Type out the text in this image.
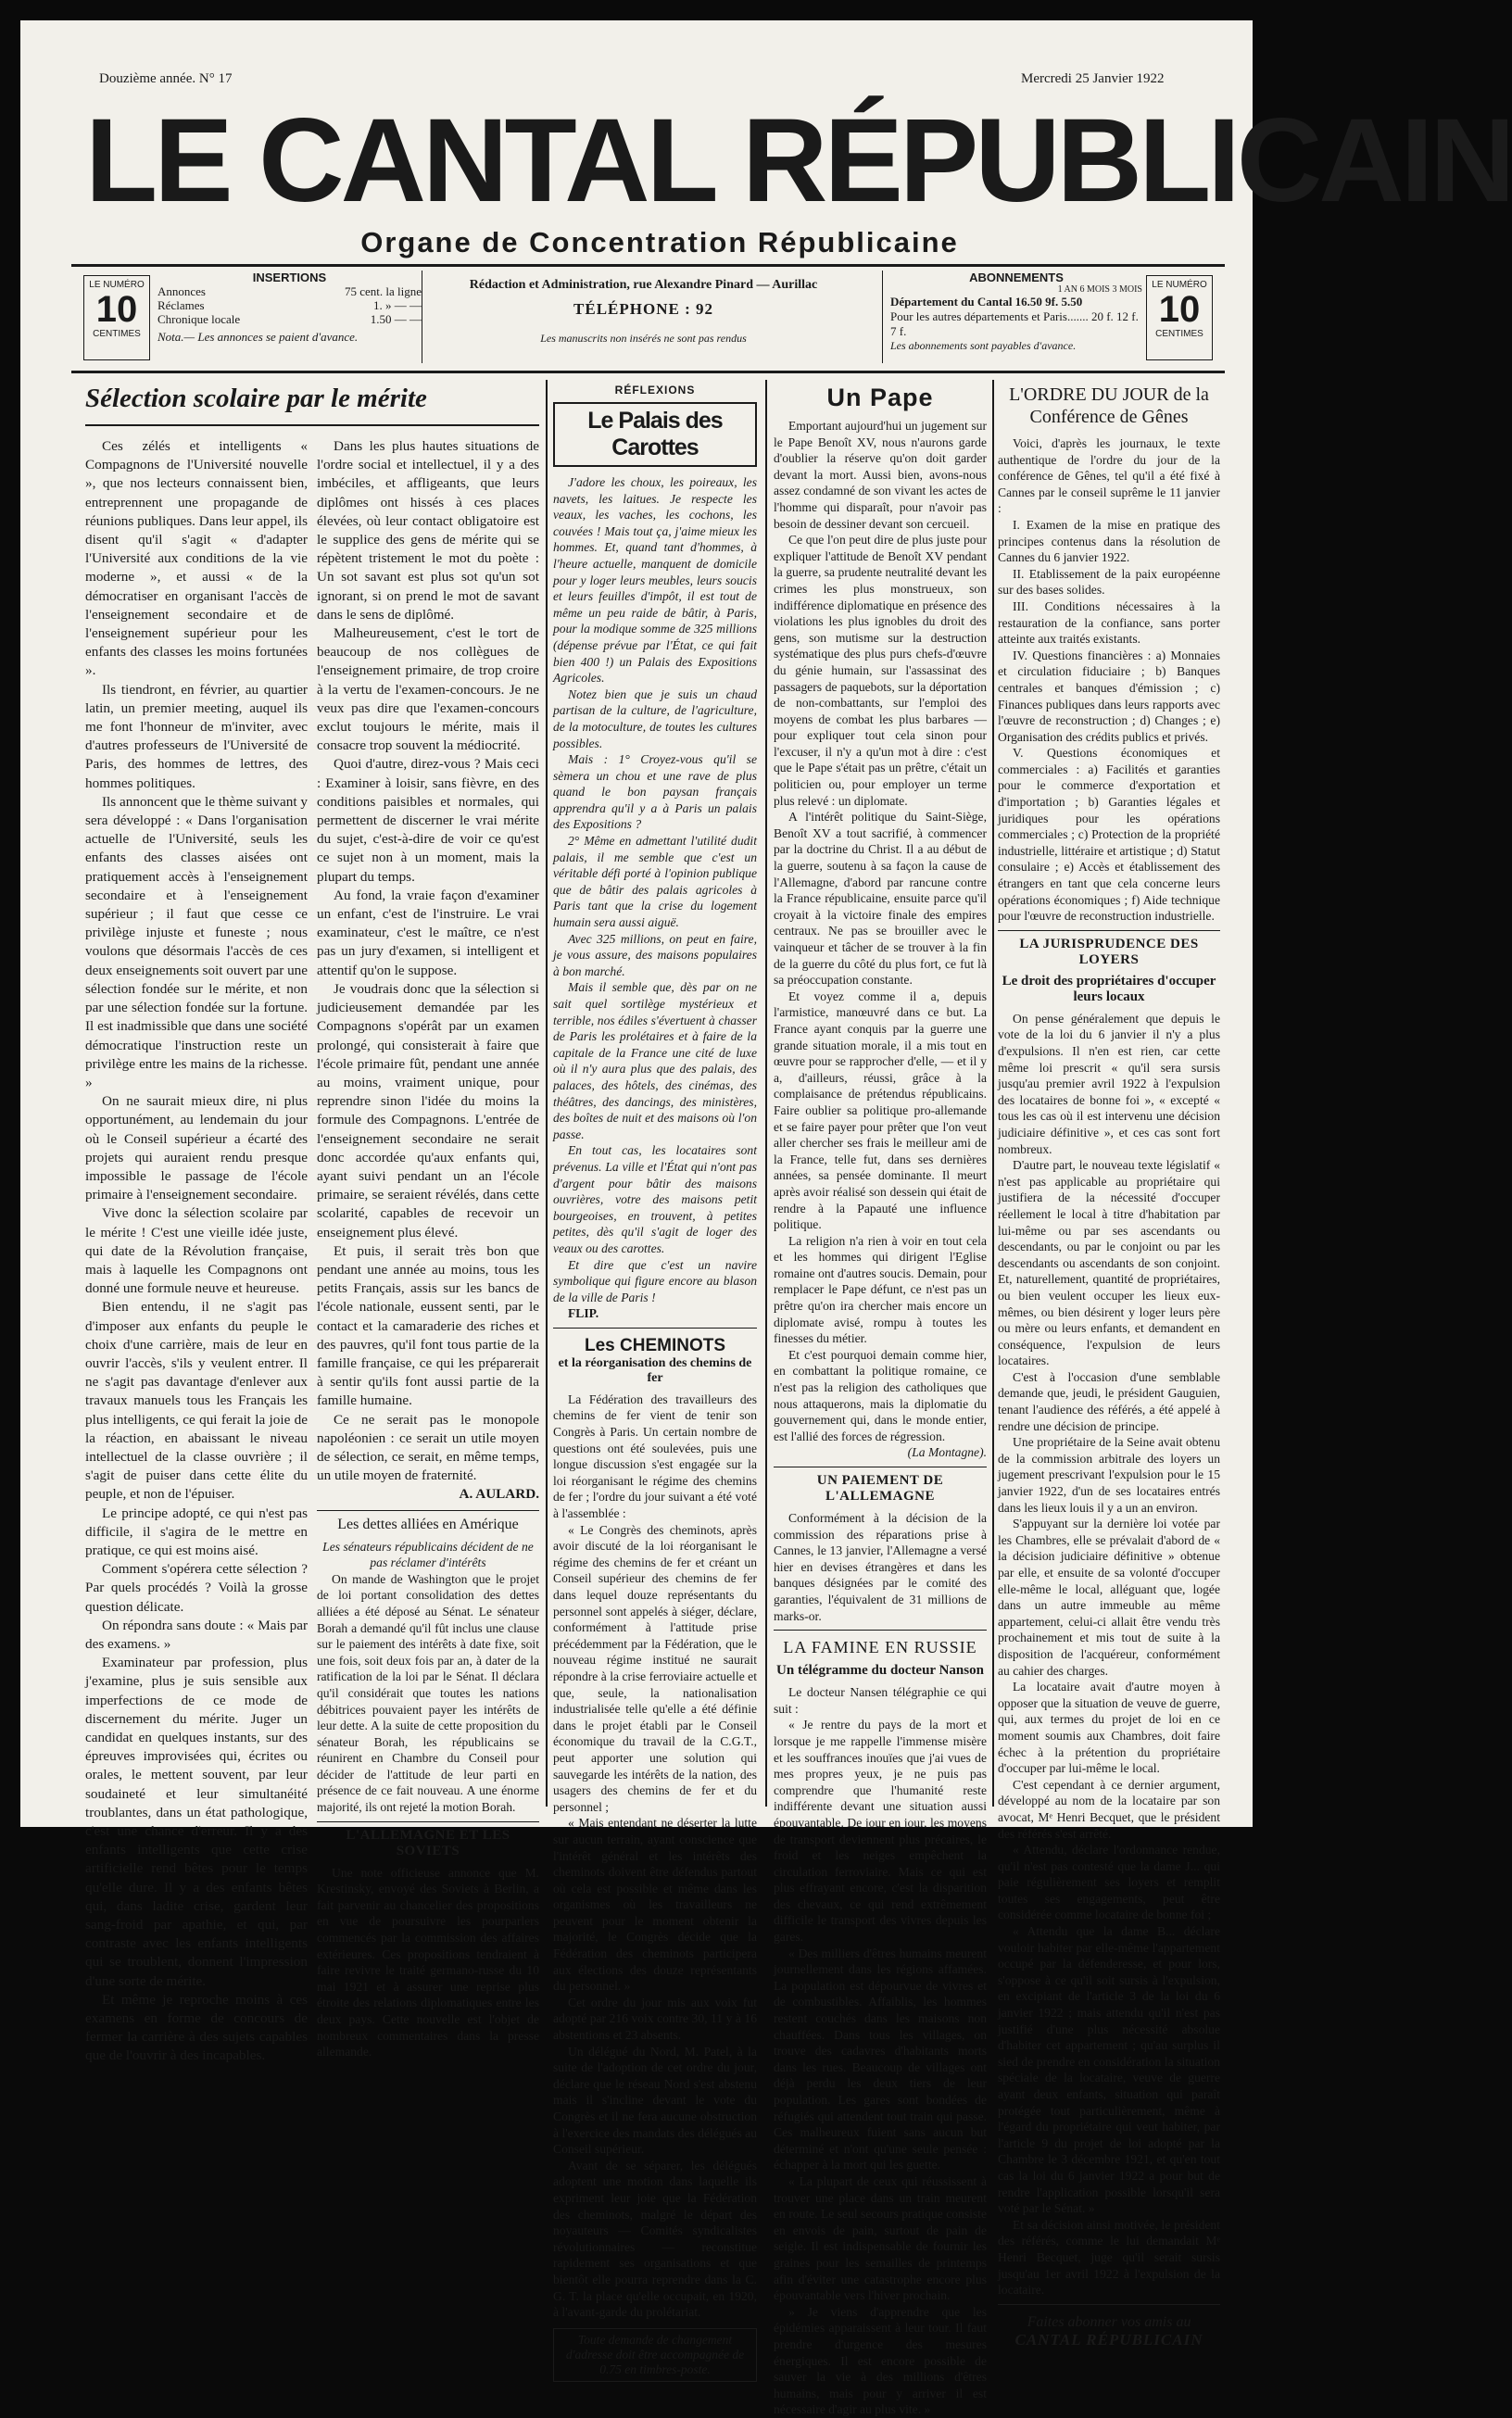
Douzième année. N° 17	Mercredi 25 Janvier 1922
LE CANTAL RÉPUBLICAIN
Organe de Concentration Républicaine
LE NUMÉRO
10
CENTIMES
LE NUMÉRO
10
CENTIMES
INSERTIONS
Annonces	75 cent. la ligne
Réclames	1. » — —
Chronique locale	1.50 — —
Nota.— Les annonces se paient d'avance.
Rédaction et Administration, rue Alexandre Pinard — Aurillac
TÉLÉPHONE : 92
Les manuscrits non insérés ne sont pas rendus
ABONNEMENTS
1 AN 6 MOIS 3 MOIS
Département du Cantal 16.50 9f. 5.50
Pour les autres départements et Paris....... 20 f. 12 f. 7 f.
Les abonnements sont payables d'avance.
Sélection scolaire par le mérite

Ces zélés et intelligents « Compagnons de l'Université nouvelle », que nos lecteurs connaissent bien, entreprennent une propagande de réunions publiques. Dans leur appel, ils disent qu'il s'agit « d'adapter l'Université aux conditions de la vie moderne », et aussi « de la démocratiser en organisant l'accès de l'enseignement secondaire et de l'enseignement supérieur pour les enfants des classes les moins fortunées ».

Ils tiendront, en février, au quartier latin, un premier meeting, auquel ils me font l'honneur de m'inviter, avec d'autres professeurs de l'Université de Paris, des hommes de lettres, des hommes politiques.

Ils annoncent que le thème suivant y sera développé : « Dans l'organisation actuelle de l'Université, seuls les enfants des classes aisées ont pratiquement accès à l'enseignement secondaire et à l'enseignement supérieur ; il faut que cesse ce privilège injuste et funeste ; nous voulons que désormais l'accès de ces deux enseignements soit ouvert par une sélection fondée sur le mérite, et non par une sélection fondée sur la fortune. Il est inadmissible que dans une société démocratique l'instruction reste un privilège entre les mains de la richesse. »

On ne saurait mieux dire, ni plus opportunément, au lendemain du jour où le Conseil supérieur a écarté des projets qui auraient rendu presque impossible le passage de l'école primaire à l'enseignement secondaire.

Vive donc la sélection scolaire par le mérite ! C'est une vieille idée juste, qui date de la Révolution française, mais à laquelle les Compagnons ont donné une formule neuve et heureuse.

Bien entendu, il ne s'agit pas d'imposer aux enfants du peuple le choix d'une carrière, mais de leur en ouvrir l'accès, s'ils y veulent entrer. Il ne s'agit pas davantage d'enlever aux travaux manuels tous les Français les plus intelligents, ce qui ferait la joie de la réaction, en abaissant le niveau intellectuel de la classe ouvrière ; il s'agit de puiser dans cette élite du peuple, et non de l'épuiser.

Le principe adopté, ce qui n'est pas difficile, il s'agira de le mettre en pratique, ce qui est moins aisé.

Comment s'opérera cette sélection ? Par quels procédés ? Voilà la grosse question délicate.

On répondra sans doute : « Mais par des examens. »

Examinateur par profession, plus j'examine, plus je suis sensible aux imperfections de ce mode de discernement du mérite. Juger un candidat en quelques instants, sur des épreuves improvisées qui, écrites ou orales, le mettent souvent, par leur soudaineté et leur simultanéité troublantes, dans un état pathologique, c'est une chance d'erreur. Il y a des enfants intelligents que cette crise artificielle rend bêtes pour le temps qu'elle dure. Il y a des enfants bêtes qui, dans ladite crise, gardent leur sang-froid par apathie, et qui, par contraste avec les enfants intelligents qui se troublent, donnent l'impression d'une sorte de mérite.

Et même je reproche moins à ces examens en forme de concours de fermer la carrière à des sujets capables que de l'ouvrir à des incapables.

Dans les plus hautes situations de l'ordre social et intellectuel, il y a des imbéciles, et affligeants, que leurs diplômes ont hissés à ces places élevées, où leur contact obligatoire est le supplice des gens de mérite qui se répètent tristement le mot du poète : Un sot savant est plus sot qu'un sot ignorant, si on prend le mot de savant dans le sens de diplômé.

Malheureusement, c'est le tort de beaucoup de nos collègues de l'enseignement primaire, de trop croire à la vertu de l'examen-concours. Je ne veux pas dire que l'examen-concours exclut toujours le mérite, mais il consacre trop souvent la médiocrité.

Quoi d'autre, direz-vous ? Mais ceci : Examiner à loisir, sans fièvre, en des conditions paisibles et normales, qui permettent de discerner le vrai mérite du sujet, c'est-à-dire de voir ce qu'est ce sujet non à un moment, mais la plupart du temps.

Au fond, la vraie façon d'examiner un enfant, c'est de l'instruire. Le vrai examinateur, c'est le maître, ce n'est pas un jury d'examen, si intelligent et attentif qu'on le suppose.

Je voudrais donc que la sélection si judicieusement demandée par les Compagnons s'opérât par un examen prolongé, qui consisterait à faire que l'école primaire fût, pendant une année au moins, vraiment unique, pour reprendre sinon l'idée du moins la formule des Compagnons. L'entrée de l'enseignement secondaire ne serait donc accordée qu'aux enfants qui, ayant suivi pendant un an l'école primaire, se seraient révélés, dans cette scolarité, capables de recevoir un enseignement plus élevé.

Et puis, il serait très bon que pendant une année au moins, tous les petits Français, assis sur les bancs de l'école nationale, eussent senti, par le contact et la camaraderie des riches et des pauvres, qu'il font tous partie de la famille française, ce qui les préparerait à sentir qu'ils font aussi partie de la famille humaine.

Ce ne serait pas le monopole napoléonien : ce serait un utile moyen de sélection, ce serait, en même temps, un utile moyen de fraternité.

A. AULARD.

Les dettes alliées en Amérique

Les sénateurs républicains décident de ne pas réclamer d'intérêts

On mande de Washington que le projet de loi portant consolidation des dettes alliées a été déposé au Sénat. Le sénateur Borah a demandé qu'il fût inclus une clause sur le paiement des intérêts à date fixe, soit une fois, soit deux fois par an, à dater de la ratification de la loi par le Sénat. Il déclara qu'il considérait que toutes les nations débitrices pouvaient payer les intérêts de leur dette. A la suite de cette proposition du sénateur Borah, les républicains se réunirent en Chambre du Conseil pour décider de l'attitude de leur parti en présence de ce fait nouveau. A une énorme majorité, ils ont rejeté la motion Borah.

L'ALLEMAGNE ET LES SOVIETS

Une note officieuse annonce que M. Krestinsky, envoyé des Soviets à Berlin, a fait parvenir au chancelier des propositions en vue de poursuivre les pourparlers commencés par la commission des affaires extérieures. Ces propositions tendraient à faire revivre le traité germano-russe du 10 mai 1921 et à assurer une reprise plus étroite des relations diplomatiques entre les deux pays. Cette nouvelle est l'objet de nombreux commentaires dans la presse allemande.

RÉFLEXIONS
Le Palais des Carottes

J'adore les choux, les poireaux, les navets, les laitues. Je respecte les veaux, les vaches, les cochons, les couvées ! Mais tout ça, j'aime mieux les hommes. Et, quand tant d'hommes, à l'heure actuelle, manquent de domicile pour y loger leurs meubles, leurs soucis et leurs feuilles d'impôt, il est tout de même un peu raide de bâtir, à Paris, pour la modique somme de 325 millions (dépense prévue par l'État, ce qui fait bien 400 !) un Palais des Expositions Agricoles.

Notez bien que je suis un chaud partisan de la culture, de l'agriculture, de la motoculture, de toutes les cultures possibles.

Mais : 1° Croyez-vous qu'il se sèmera un chou et une rave de plus quand le bon paysan français apprendra qu'il y a à Paris un palais des Expositions ?

2° Même en admettant l'utilité dudit palais, il me semble que c'est un véritable défi porté à l'opinion publique que de bâtir des palais agricoles à Paris tant que la crise du logement humain sera aussi aiguë.

Avec 325 millions, on peut en faire, je vous assure, des maisons populaires à bon marché.

Mais il semble que, dès par on ne sait quel sortilège mystérieux et terrible, nos édiles s'évertuent à chasser de Paris les prolétaires et à faire de la capitale de la France une cité de luxe où il n'y aura plus que des palais, des palaces, des hôtels, des cinémas, des théâtres, des dancings, des ministères, des boîtes de nuit et des maisons où l'on passe.

En tout cas, les locataires sont prévenus. La ville et l'État qui n'ont pas d'argent pour bâtir des maisons ouvrières, votre des maisons petit bourgeoises, en trouvent, à petites petites, dès qu'il s'agit de loger des veaux ou des carottes.

Et dire que c'est un navire symbolique qui figure encore au blason de la ville de Paris !

FLIP.

Les CHEMINOTS
et la réorganisation des chemins de fer

La Fédération des travailleurs des chemins de fer vient de tenir son Congrès à Paris. Un certain nombre de questions ont été soulevées, puis une longue discussion s'est engagée sur la loi réorganisant le régime des chemins de fer ; l'ordre du jour suivant a été voté à l'assemblée :

« Le Congrès des cheminots, après avoir discuté de la loi réorganisant le régime des chemins de fer et créant un Conseil supérieur des chemins de fer dans lequel douze représentants du personnel sont appelés à siéger, déclare, conformément à l'attitude prise précédemment par la Fédération, que le nouveau régime institué ne saurait répondre à la crise ferroviaire actuelle et que, seule, la nationalisation industrialisée telle qu'elle a été définie dans le projet établi par le Conseil économique du travail de la C.G.T., peut apporter une solution qui sauvegarde les intérêts de la nation, des usagers des chemins de fer et du personnel ;

« Mais entendant ne déserter la lutte sur aucun terrain, ayant conscience que l'intérêt général et les intérêts des cheminots doivent être défendus partout où cela est possible et même dans les organismes où les travailleurs ne peuvent pour le moment obtenir la majorité, le Congrès décide que la Fédération des cheminots participera aux élections des douze représentants du personnel. »

Cet ordre du jour mis aux voix fut adopté par 216 voix contre 30, 11 y à 16 abstentions et 23 absents.

Un délégué du Nord, M. Patel, à la suite de l'adoption de cet ordre du jour, déclare que le réseau Nord s'est abstenu mais il s'incline devant le vote du Congrès et il ne fera aucune obstruction à l'exercice des mandats des délégués au Conseil supérieur.

Avant de se séparer, les délégués adoptent une motion dans laquelle ils expriment leur joie que la Fédération des cheminots, malgré le départ des noyauteurs — Comités syndicalistes révolutionnaires — reconstitue rapidement ses organisations et que bientôt elle pourra reprendre dans la C. G. T. la place qu'elle occupait, en 1920, à l'avant-garde du prolétariat.

Toute demande de changement d'adresse doit être accompagnée de 0.75 en timbres-poste.
Un Pape

Emportant aujourd'hui un jugement sur le Pape Benoît XV, nous n'aurons garde d'oublier la réserve qu'on doit garder devant la mort. Aussi bien, avons-nous assez condamné de son vivant les actes de l'homme qui disparaît, pour n'avoir pas besoin de dessiner devant son cercueil.

Ce que l'on peut dire de plus juste pour expliquer l'attitude de Benoît XV pendant la guerre, sa prudente neutralité devant les crimes les plus monstrueux, son indifférence diplomatique en présence des violations les plus ignobles du droit des gens, son mutisme sur la destruction systématique des plus purs chefs-d'œuvre du génie humain, sur l'assassinat des passagers de paquebots, sur la déportation de non-combattants, sur l'emploi des moyens de combat les plus barbares — pour expliquer tout cela sinon pour l'excuser, il n'y a qu'un mot à dire : c'est que le Pape s'était pas un prêtre, c'était un politicien ou, pour employer un terme plus relevé : un diplomate.

A l'intérêt politique du Saint-Siège, Benoît XV a tout sacrifié, à commencer par la doctrine du Christ. Il a au début de la guerre, soutenu à sa façon la cause de l'Allemagne, d'abord par rancune contre la France républicaine, ensuite parce qu'il croyait à la victoire finale des empires centraux. Ne pas se brouiller avec le vainqueur et tâcher de se trouver à la fin de la guerre du côté du plus fort, ce fut là sa préoccupation constante.

Et voyez comme il a, depuis l'armistice, manœuvré dans ce but. La France ayant conquis par la guerre une grande situation morale, il a mis tout en œuvre pour se rapprocher d'elle, — et il y a, d'ailleurs, réussi, grâce à la complaisance de prétendus républicains. Faire oublier sa politique pro-allemande et se faire payer pour prêter que l'on veut aller chercher ses frais le meilleur ami de la France, telle fut, dans ses dernières années, sa pensée dominante. Il meurt après avoir réalisé son dessein qui était de rendre à la Papauté une influence politique.

La religion n'a rien à voir en tout cela et les hommes qui dirigent l'Eglise romaine ont d'autres soucis. Demain, pour remplacer le Pape défunt, ce n'est pas un prêtre qu'on ira chercher mais encore un diplomate avisé, rompu à toutes les finesses du métier.

Et c'est pourquoi demain comme hier, en combattant la politique romaine, ce n'est pas la religion des catholiques que nous attaquerons, mais la diplomatie du gouvernement qui, dans le monde entier, est l'allié des forces de régression.

(La Montagne).

UN PAIEMENT DE L'ALLEMAGNE

Conformément à la décision de la commission des réparations prise à Cannes, le 13 janvier, l'Allemagne a versé hier en devises étrangères et dans les banques désignées par le comité des garanties, l'équivalent de 31 millions de marks-or.

LA FAMINE EN RUSSIE
Un télégramme du docteur Nanson

Le docteur Nansen télégraphie ce qui suit :

« Je rentre du pays de la mort et lorsque je me rappelle l'immense misère et les souffrances inouïes que j'ai vues de mes propres yeux, je ne puis pas comprendre que l'humanité reste indifférente devant une situation aussi épouvantable. De jour en jour, les moyens de transport deviennent plus précaires, le froid et les neiges empêchent la circulation ferroviaire. Mais ce qui est plus effrayant encore, c'est la disparition des chevaux, ce qui rend extrêmement difficile le transport des vivres depuis les gares.

« Des milliers d'êtres humains meurent journellement dans les régions affamées. La population est dépourvue de vivres et de combustibles. Affaiblis, les hommes restent couchés dans les maisons non chauffées. Dans tous les villages, on trouve des cadavres d'habitants morts dans les rues. Beaucoup de villages ont déjà perdu les deux tiers de leur population. Les gares sont bondées de réfugiés qui attendent tout train qui passe. Ces malheureux fuient sans aucun but déterminé et n'ont qu'une seule pensée : échapper à la mort qui les guette.

« La plupart de ceux qui réussissent à trouver une place dans un train meurent en route. Le seul secours pratique consiste en envois de pain, surtout de pain de seigle. Il est indispensable de fournir les graines pour les semailles de printemps afin d'éviter une catastrophe encore plus épouvantable vers l'hiver prochain.

» Je viens d'apprendre que les épidémies apparaissent à leur tour. Il faut prendre d'urgence des mesures énergiques. Il est encore possible de sauver la vie à des millions d'êtres humains, mais pour y arriver il est nécessaire d'agir au plus vite. »

L'ORDRE DU JOUR de la Conférence de Gênes

Voici, d'après les journaux, le texte authentique de l'ordre du jour de la conférence de Gênes, tel qu'il a été fixé à Cannes par le conseil suprême le 11 janvier :

I. Examen de la mise en pratique des principes contenus dans la résolution de Cannes du 6 janvier 1922.

II. Etablissement de la paix européenne sur des bases solides.

III. Conditions nécessaires à la restauration de la confiance, sans porter atteinte aux traités existants.

IV. Questions financières : a) Monnaies et circulation fiduciaire ; b) Banques centrales et banques d'émission ; c) Finances publiques dans leurs rapports avec l'œuvre de reconstruction ; d) Changes ; e) Organisation des crédits publics et privés.

V. Questions économiques et commerciales : a) Facilités et garanties pour le commerce d'exportation et d'importation ; b) Garanties légales et juridiques pour les opérations commerciales ; c) Protection de la propriété industrielle, littéraire et artistique ; d) Statut consulaire ; e) Accès et établissement des étrangers en tant que cela concerne leurs opérations économiques ; f) Aide technique pour l'œuvre de reconstruction industrielle.

LA JURISPRUDENCE DES LOYERS
Le droit des propriétaires d'occuper leurs locaux

On pense généralement que depuis le vote de la loi du 6 janvier il n'y a plus d'expulsions. Il n'en est rien, car cette même loi prescrit « qu'il sera sursis jusqu'au premier avril 1922 à l'expulsion des locataires de bonne foi », « excepté « tous les cas où il est intervenu une décision judiciaire définitive », et ces cas sont fort nombreux.

D'autre part, le nouveau texte législatif « n'est pas applicable au propriétaire qui justifiera de la nécessité d'occuper réellement le local à titre d'habitation par lui-même ou par ses ascendants ou descendants, ou par le conjoint ou par les descendants ou ascendants de son conjoint. Et, naturellement, quantité de propriétaires, ou bien veulent occuper les lieux eux-mêmes, ou bien désirent y loger leurs père ou mère ou leurs enfants, et demandent en conséquence, l'expulsion de leurs locataires.

C'est à l'occasion d'une semblable demande que, jeudi, le président Gauguien, tenant l'audience des référés, a été appelé à rendre une décision de principe.

Une propriétaire de la Seine avait obtenu de la commission arbitrale des loyers un jugement prescrivant l'expulsion pour le 15 janvier 1922, d'un de ses locataires entrés dans les lieux louis il y a un an environ.

S'appuyant sur la dernière loi votée par les Chambres, elle se prévalait d'abord de « la décision judiciaire définitive » obtenue par elle, et ensuite de sa volonté d'occuper elle-même le local, alléguant que, logée dans un autre immeuble au même appartement, celui-ci allait être vendu très prochainement et mis tout de suite à la disposition de l'acquéreur, conformément au cahier des charges.

La locataire avait d'autre moyen à opposer que la situation de veuve de guerre, qui, aux termes du projet de loi en ce moment soumis aux Chambres, doit faire échec à la prétention du propriétaire d'occuper par lui-même le local.

C'est cependant à ce dernier argument, développé au nom de la locataire par son avocat, Mᵉ Henri Becquet, que le président des référés s'est arrêté.

« Attendu, déclare l'ordonnance rendue, qu'il n'est pas contesté que la dame J... qui paie régulièrement ses loyers et remplit toutes ses engagements, peut être considérée comme locataire de bonne foi ;

« Attendu que la dame B... déclare vouloir habiter par elle-même l'appartement occupé par la défenderesse, et pour lors, s'oppose à ce qu'il soit sursis à l'expulsion, en excipiant de l'article 3 de la loi du 6 janvier 1922 ; mais attendu qu'il n'est pas justifié d'une plus nécessité absolue d'habiter cet appartement ; qu'au surplus il sied de prendre en considération la situation spéciale de la locataire, veuve de guerre ayant deux enfants, situation qui paraît protégée tout particulièrement, même à l'égard du propriétaire qui veut habiter, par l'article 9 du projet de loi adopté par la Chambre le 3 décembre 1921, et qu'en tout cas la loi du 6 janvier 1922 a pour but de rendre l'application possible lorsqu'il sera voté par le Sénat. »

Et sa décision ainsi motivée, le président des référés, comme le lui demandait Mᵉ Henri Becquet, juge qu'il serait sursis jusqu'au 1er avril 1922 à l'expulsion de la locataire.

Faites abonner vos amis au
CANTAL RÉPUBLICAIN
